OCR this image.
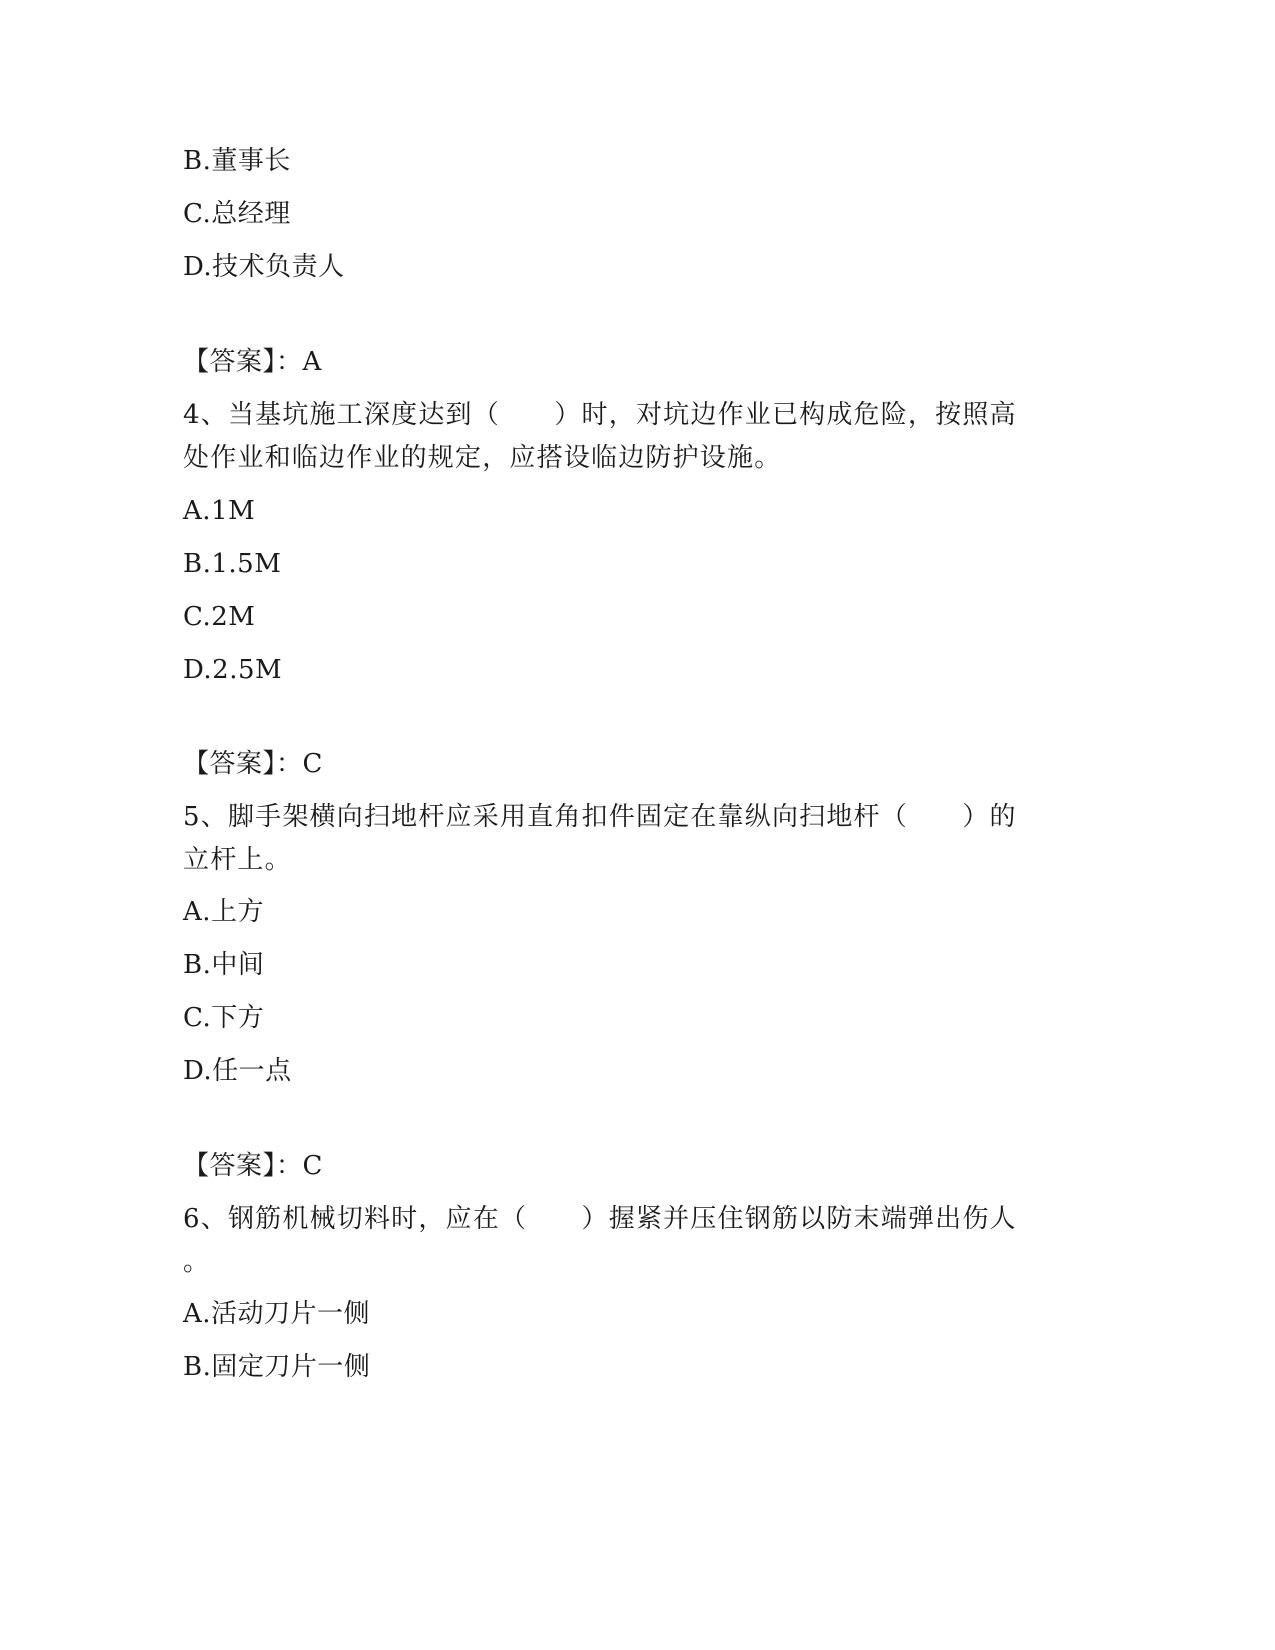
B.董事长
C.总经理
D.技术负责人
【答案】：A
4、当基坑施工深度达到（　　）时，对坑边作业已构成危险，按照高
处作业和临边作业的规定，应搭设临边防护设施。
A.1M
B.1.5M
C.2M
D.2.5M
【答案】：C
5、脚手架横向扫地杆应采用直角扣件固定在靠纵向扫地杆（　　）的
立杆上。
A.上方
B.中间
C.下方
D.任一点
【答案】：C
6、钢筋机械切料时，应在（　　）握紧并压住钢筋以防末端弹出伤人
。
A.活动刀片一侧
B.固定刀片一侧
